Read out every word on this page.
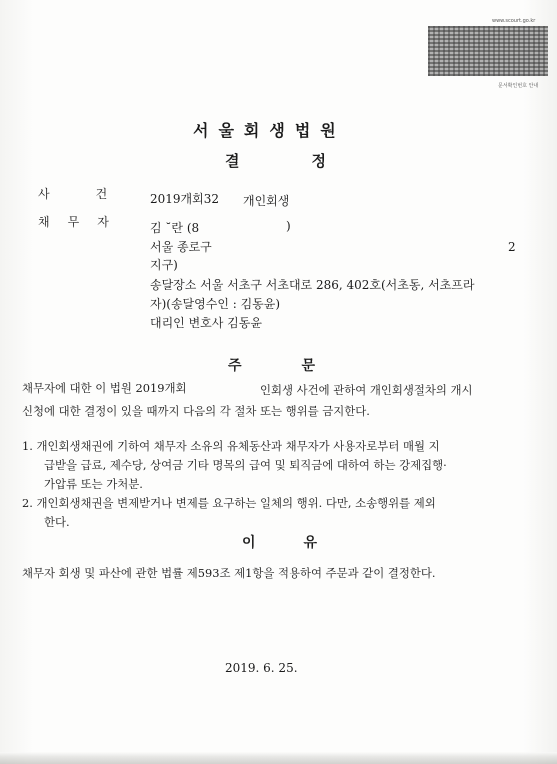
www.scourt.go.kr
문서확인번호 안내
서울회생법원
결	정
사	건	2019개회32 개인회생
채 무 자	김 ˘란 (8	)
서울 종로구	2
지구)
송달장소 서울 서초구 서초대로 286, 402호(서초동, 서초프라
자)(송달영수인 : 김동윤)
대리인 변호사 김동윤
주	문
채무자에 대한 이 법원 2019개회	인회생 사건에 관하여 개인회생절차의 개시
신청에 대한 결정이 있을 때까지 다음의 각 절차 또는 행위를 금지한다.
1. 개인회생채권에 기하여 채무자 소유의 유체동산과 채무자가 사용자로부터 매월 지
급받을 급료, 제수당, 상여금 기타 명목의 급여 및 퇴직금에 대하여 하는 강제집행·
가압류 또는 가처분.
2. 개인회생채권을 변제받거나 변제를 요구하는 일체의 행위. 다만, 소송행위를 제외
한다.
이	유
채무자 회생 및 파산에 관한 법률 제593조 제1항을 적용하여 주문과 같이 결정한다.
2019. 6. 25.
